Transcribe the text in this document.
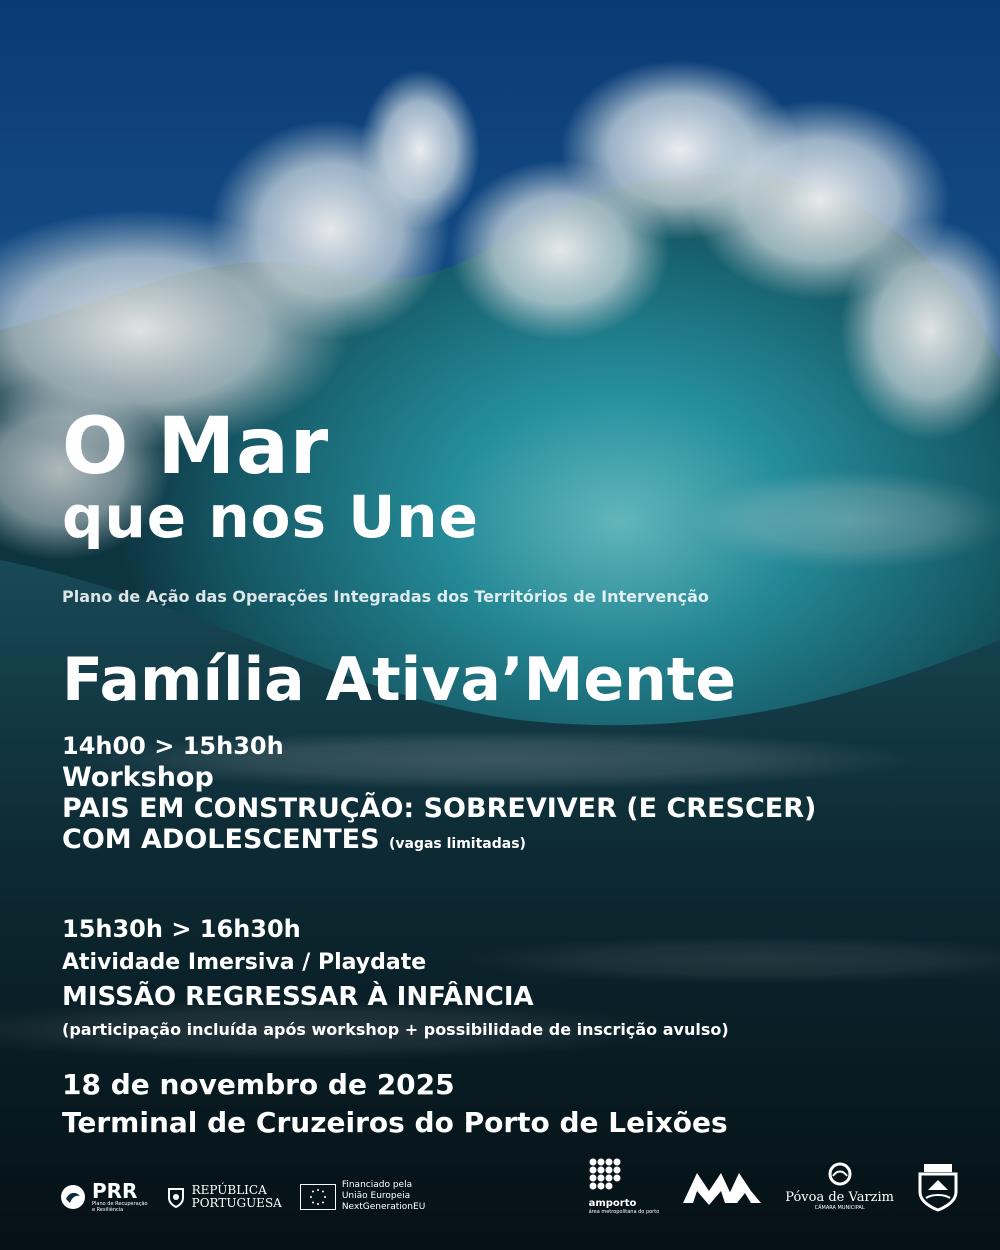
O Mar
que nos Une
Plano de Ação das Operações Integradas dos Territórios de Intervenção
Família Ativa’Mente
14h00 > 15h30h
Workshop
PAIS EM CONSTRUÇÃO: SOBREVIVER (E CRESCER)
COM ADOLESCENTES (vagas limitadas)
15h30h > 16h30h
Atividade Imersiva / Playdate
MISSÃO REGRESSAR À INFÂNCIA
(participação incluída após workshop + possibilidade de inscrição avulso)
18 de novembro de 2025
Terminal de Cruzeiros do Porto de Leixões
PRR
Plano de Recuperação
e Resiliência
REPÚBLICA
PORTUGUESA
Financiado pela
União Europeia
NextGenerationEU	amporto
área metropolitana do porto
Póvoa de Varzim
CÂMARA MUNICIPAL
